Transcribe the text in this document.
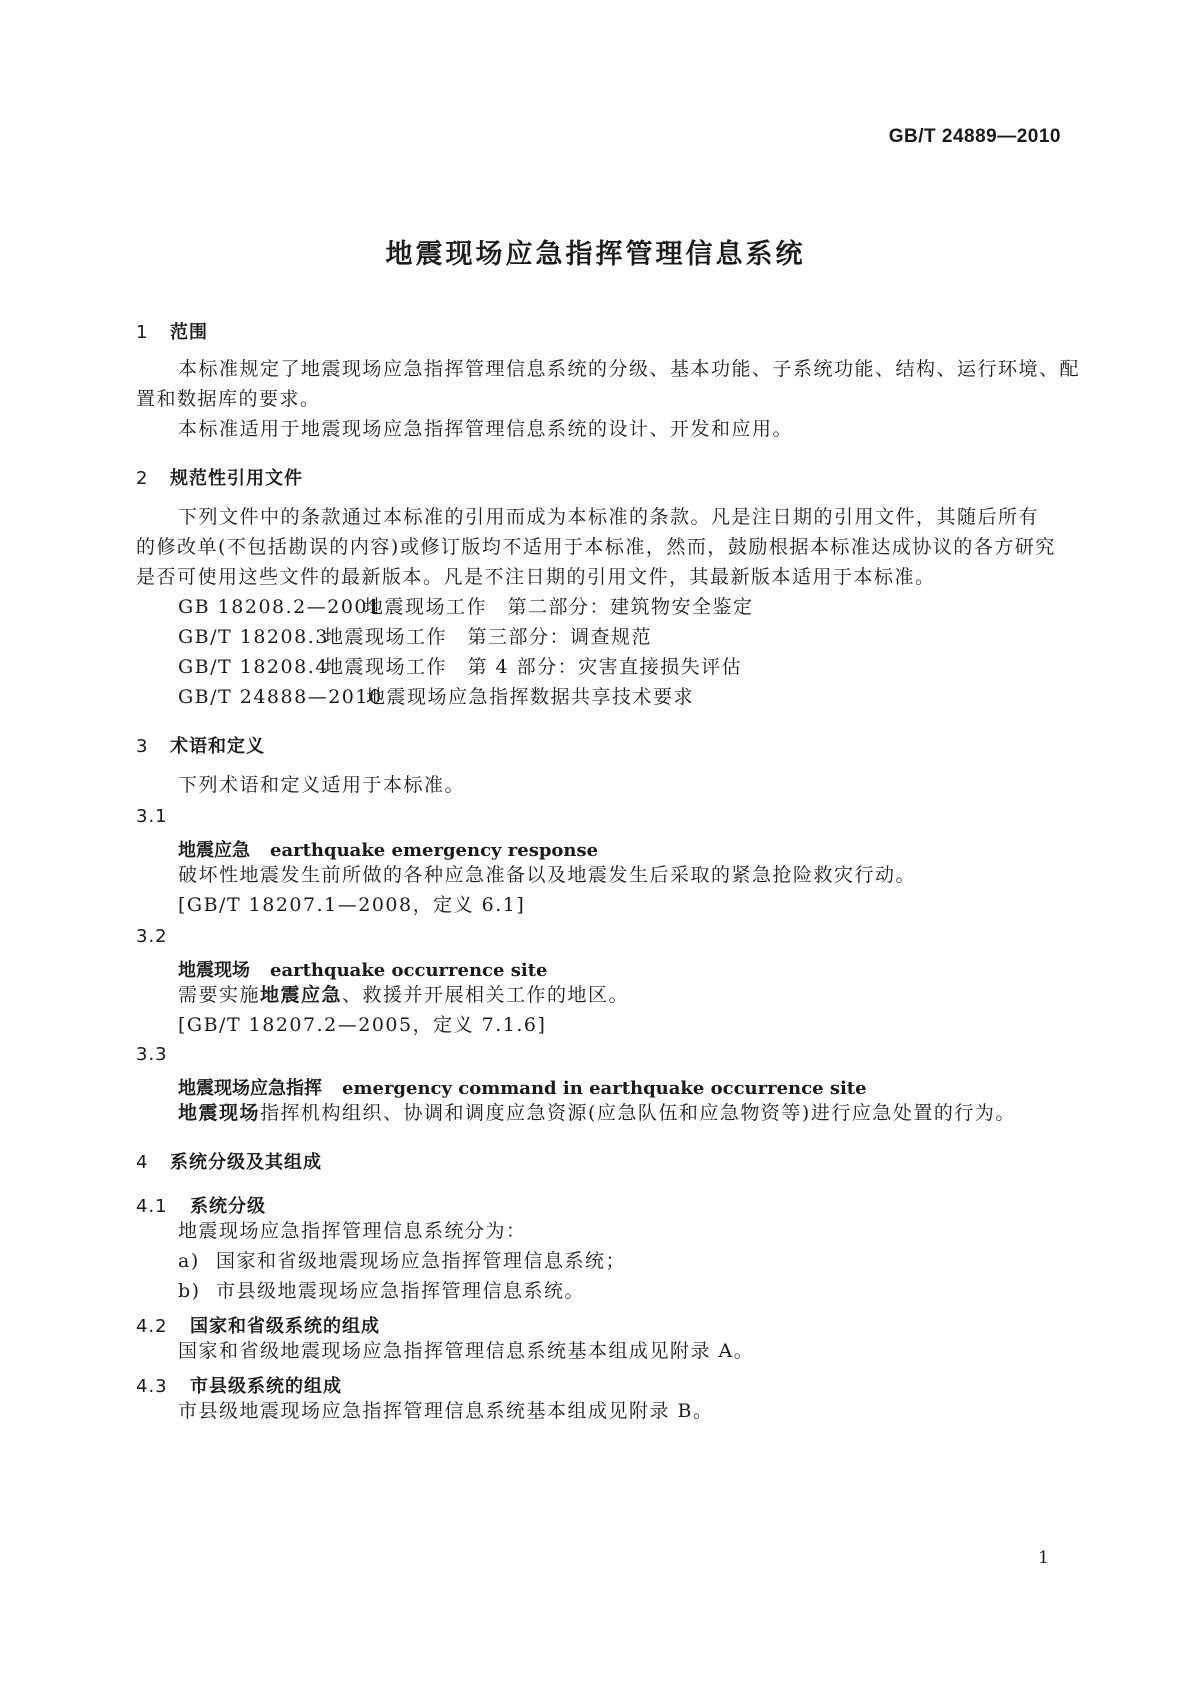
GB/T 24889—2010
地震现场应急指挥管理信息系统
1 范围
本标准规定了地震现场应急指挥管理信息系统的分级、基本功能、子系统功能、结构、运行环境、配
置和数据库的要求。
本标准适用于地震现场应急指挥管理信息系统的设计、开发和应用。
2 规范性引用文件
下列文件中的条款通过本标准的引用而成为本标准的条款。凡是注日期的引用文件，其随后所有
的修改单(不包括勘误的内容)或修订版均不适用于本标准，然而，鼓励根据本标准达成协议的各方研究
是否可使用这些文件的最新版本。凡是不注日期的引用文件，其最新版本适用于本标准。
GB 18208.2—2001地震现场工作　第二部分：建筑物安全鉴定
GB/T 18208.3地震现场工作　第三部分：调查规范
GB/T 18208.4地震现场工作　第 4 部分：灾害直接损失评估
GB/T 24888—2010地震现场应急指挥数据共享技术要求
3 术语和定义
下列术语和定义适用于本标准。
3.1
地震应急 earthquake emergency response
破坏性地震发生前所做的各种应急准备以及地震发生后采取的紧急抢险救灾行动。
[GB/T 18207.1—2008，定义 6.1]
3.2
地震现场 earthquake occurrence site
需要实施地震应急、救援并开展相关工作的地区。
[GB/T 18207.2—2005，定义 7.1.6]
3.3
地震现场应急指挥 emergency command in earthquake occurrence site
地震现场指挥机构组织、协调和调度应急资源(应急队伍和应急物资等)进行应急处置的行为。
4 系统分级及其组成
4.1 系统分级
地震现场应急指挥管理信息系统分为：
a) 国家和省级地震现场应急指挥管理信息系统；
b) 市县级地震现场应急指挥管理信息系统。
4.2 国家和省级系统的组成
国家和省级地震现场应急指挥管理信息系统基本组成见附录 A。
4.3 市县级系统的组成
市县级地震现场应急指挥管理信息系统基本组成见附录 B。
1
